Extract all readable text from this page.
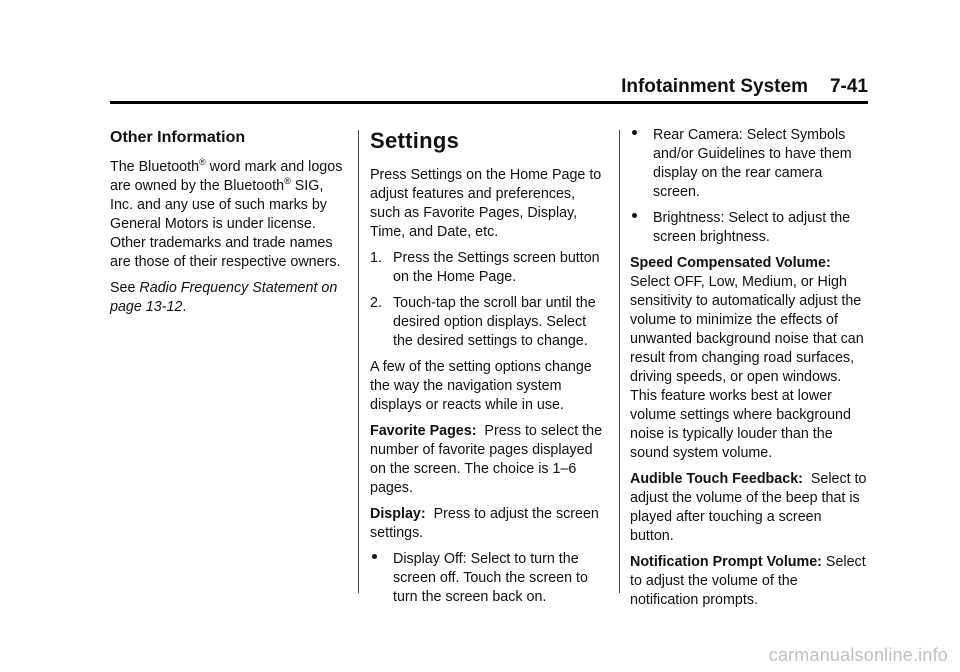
Infotainment System 7-41
Other Information

The Bluetooth® word mark and logos are owned by the Bluetooth® SIG, Inc. and any use of such marks by General Motors is under license. Other trademarks and trade names are those of their respective owners.

See Radio Frequency Statement on page 13-12.

Settings

Press Settings on the Home Page to adjust features and preferences, such as Favorite Pages, Display, Time, and Date, etc.

1. Press the Settings screen button on the Home Page.
2. Touch-tap the scroll bar until the desired option displays. Select the desired settings to change.

A few of the setting options change the way the navigation system displays or reacts while in use.

Favorite Pages:  Press to select the number of favorite pages displayed on the screen. The choice is 1–6 pages.

Display:  Press to adjust the screen settings.

Display Off: Select to turn the screen off. Touch the screen to turn the screen back on.
Rear Camera: Select Symbols and/or Guidelines to have them display on the rear camera screen.
Brightness: Select to adjust the screen brightness.

Speed Compensated Volume: Select OFF, Low, Medium, or High sensitivity to automatically adjust the volume to minimize the effects of unwanted background noise that can result from changing road surfaces, driving speeds, or open windows. This feature works best at lower volume settings where background noise is typically louder than the sound system volume.

Audible Touch Feedback:  Select to adjust the volume of the beep that is played after touching a screen button.

Notification Prompt Volume: Select to adjust the volume of the notification prompts.

carmanualsonline.info
